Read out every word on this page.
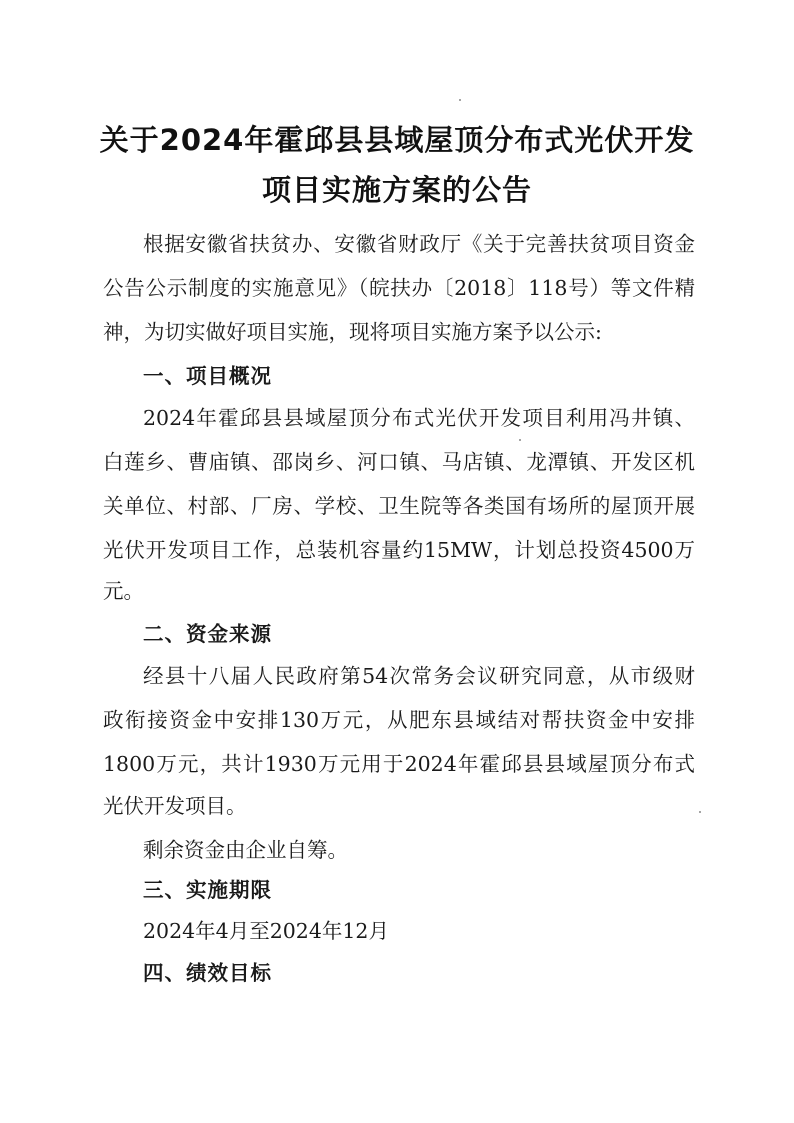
关于2024年霍邱县县域屋顶分布式光伏开发
项目实施方案的公告
根据安徽省扶贫办、安徽省财政厅《关于完善扶贫项目资金
公告公示制度的实施意见》（皖扶办〔2018〕118号）等文件精
神，为切实做好项目实施，现将项目实施方案予以公示:
一、项目概况
2024年霍邱县县域屋顶分布式光伏开发项目利用冯井镇、
白莲乡、曹庙镇、邵岗乡、河口镇、马店镇、龙潭镇、开发区机
关单位、村部、厂房、学校、卫生院等各类国有场所的屋顶开展
光伏开发项目工作，总装机容量约15MW，计划总投资4500万
元。
二、资金来源
经县十八届人民政府第54次常务会议研究同意，从市级财
政衔接资金中安排130万元，从肥东县域结对帮扶资金中安排
1800万元，共计1930万元用于2024年霍邱县县域屋顶分布式
光伏开发项目。
剩余资金由企业自筹。
三、实施期限
2024年4月至2024年12月
四、绩效目标
